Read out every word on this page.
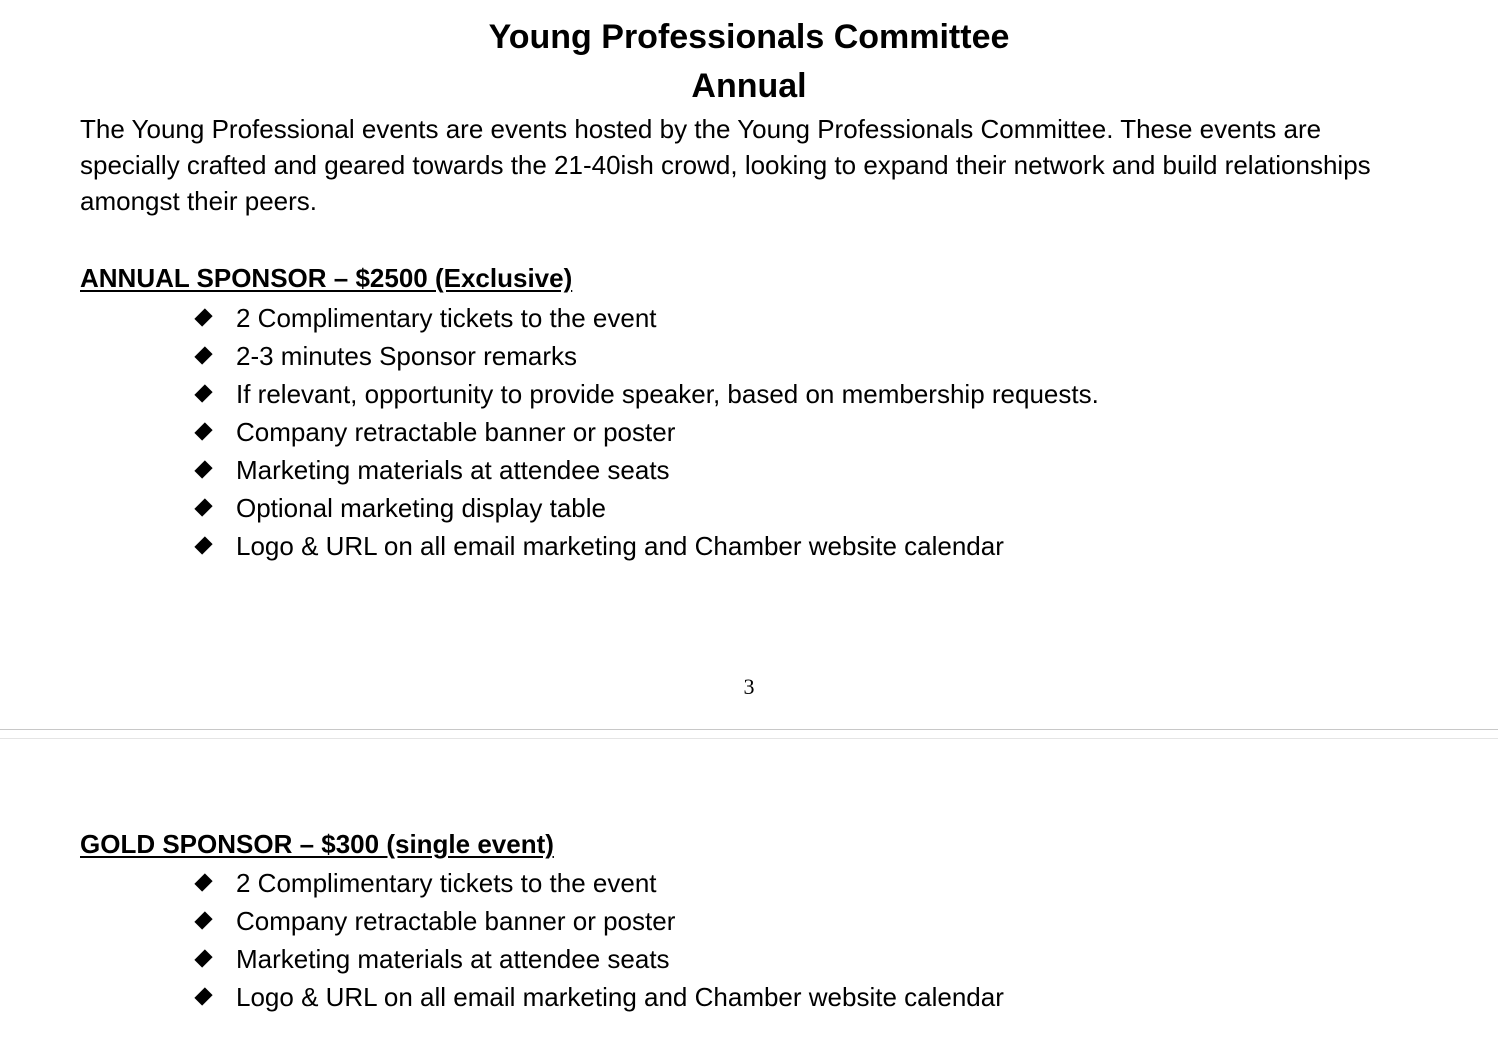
Young Professionals Committee
Annual
The Young Professional events are events hosted by the Young Professionals Committee. These events are specially crafted and geared towards the 21-40ish crowd, looking to expand their network and build relationships amongst their peers.
ANNUAL SPONSOR – $2500 (Exclusive)
2 Complimentary tickets to the event
2-3 minutes Sponsor remarks
If relevant, opportunity to provide speaker, based on membership requests.
Company retractable banner or poster
Marketing materials at attendee seats
Optional marketing display table
Logo & URL on all email marketing and Chamber website calendar
3
GOLD SPONSOR – $300 (single event)
2 Complimentary tickets to the event
Company retractable banner or poster
Marketing materials at attendee seats
Logo & URL on all email marketing and Chamber website calendar
